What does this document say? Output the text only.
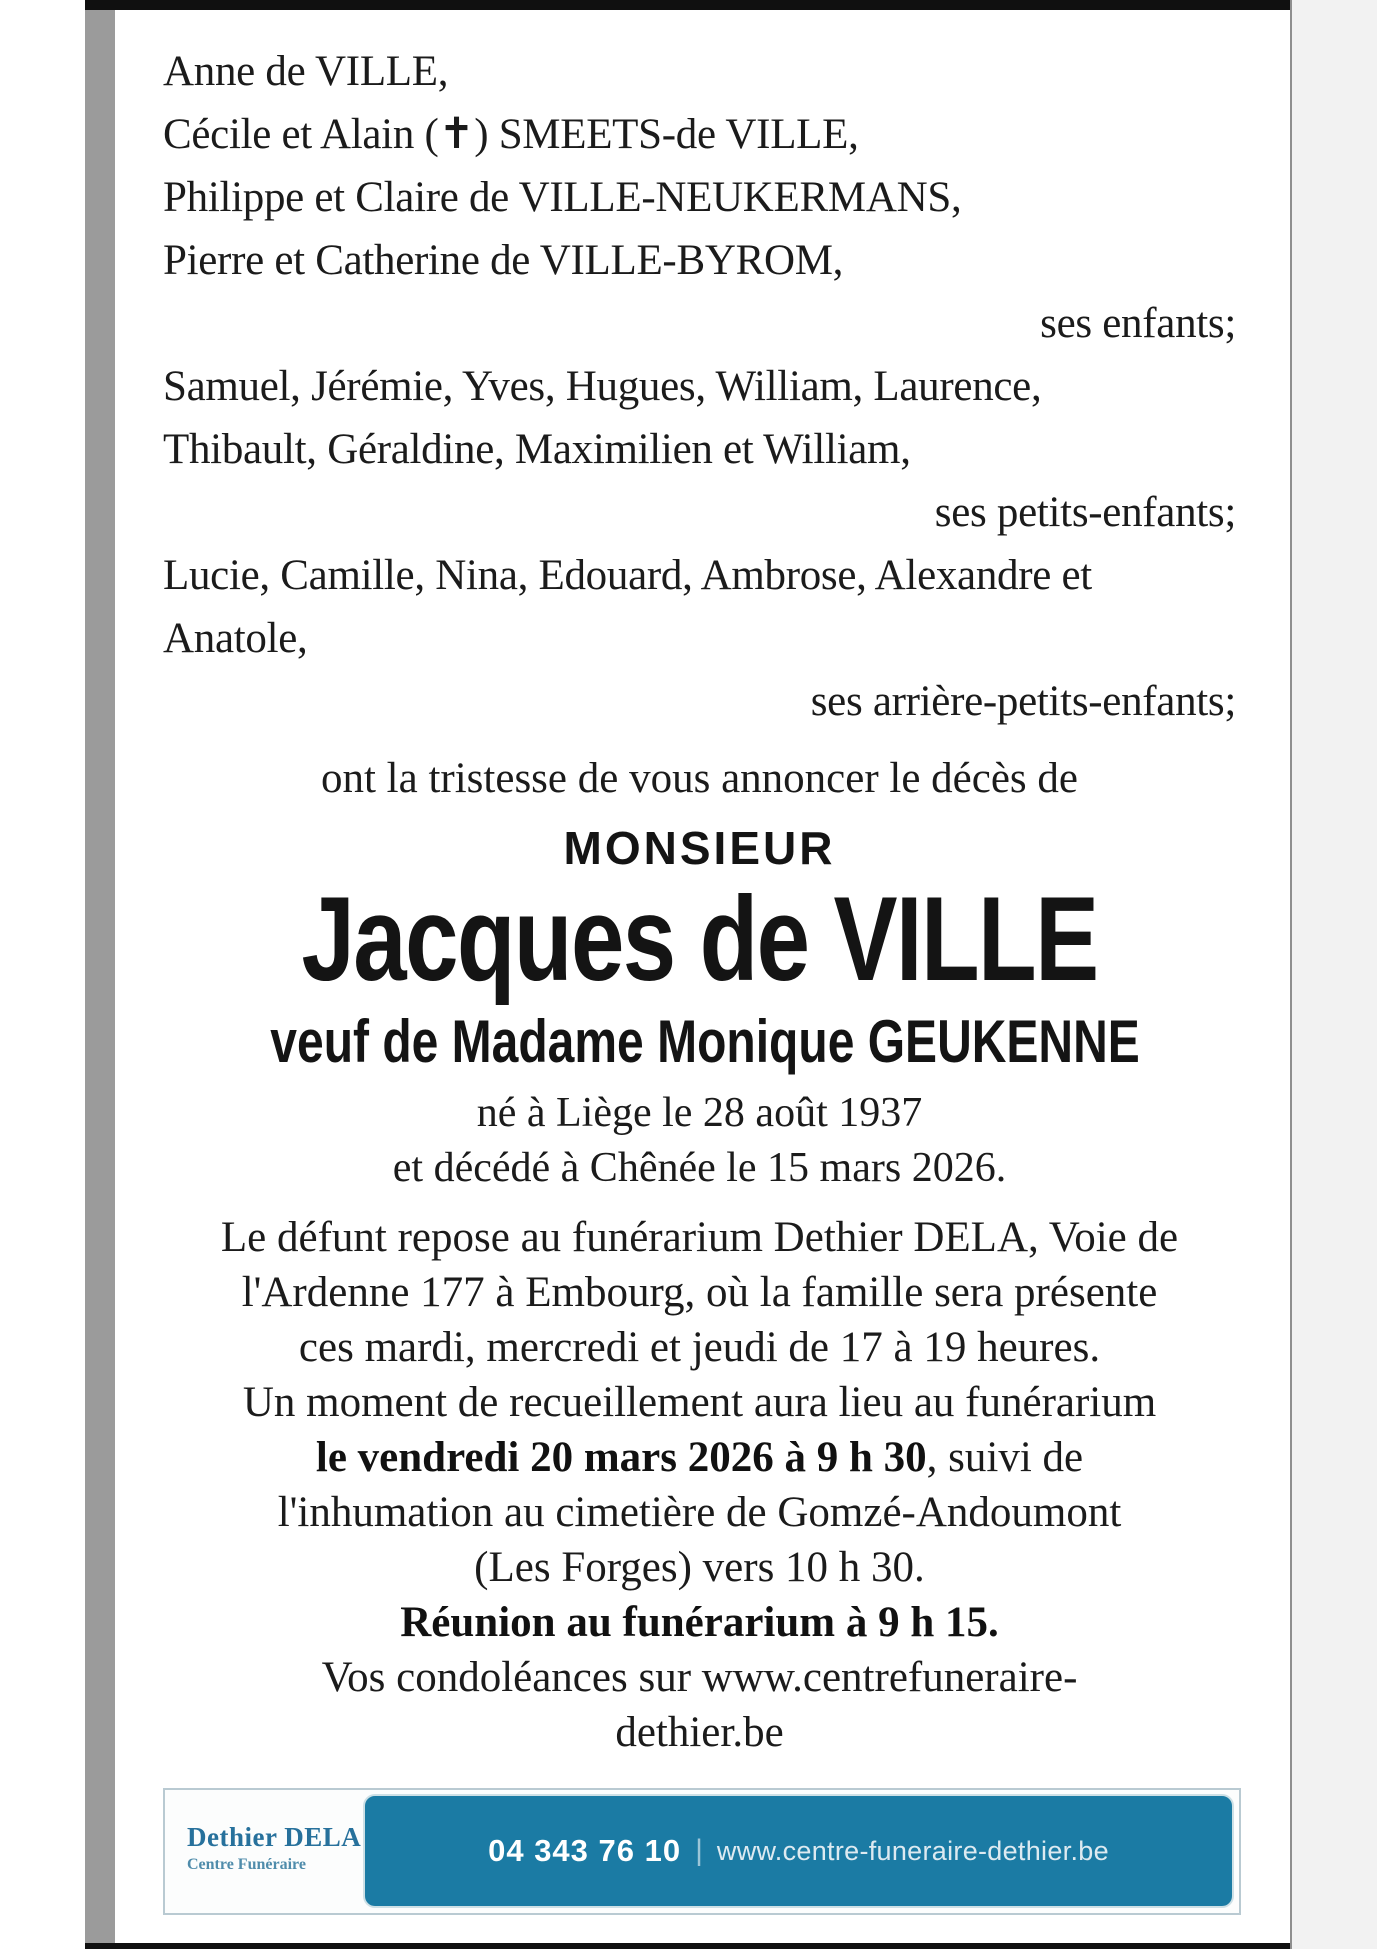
Anne de VILLE,
Cécile et Alain (✝) SMEETS-de VILLE,
Philippe et Claire de VILLE-NEUKERMANS,
Pierre et Catherine de VILLE-BYROM,
ses enfants;
Samuel, Jérémie, Yves, Hugues, William, Laurence,
Thibault, Géraldine, Maximilien et William,
ses petits-enfants;
Lucie, Camille, Nina, Edouard, Ambrose, Alexandre et
Anatole,
ses arrière-petits-enfants;
ont la tristesse de vous annoncer le décès de
MONSIEUR
Jacques de VILLE
veuf de Madame Monique GEUKENNE
né à Liège le 28 août 1937
et décédé à Chênée le 15 mars 2026.
Le défunt repose au funérarium Dethier DELA, Voie de
l'Ardenne 177 à Embourg, où la famille sera présente
ces mardi, mercredi et jeudi de 17 à 19 heures.
Un moment de recueillement aura lieu au funérarium
le vendredi 20 mars 2026 à 9 h 30, suivi de
l'inhumation au cimetière de Gomzé-Andoumont
(Les Forges) vers 10 h 30.
Réunion au funérarium à 9 h 15.
Vos condoléances sur www.centrefuneraire-
dethier.be
Dethier DELA
Centre Funéraire	04 343 76 10 | www.centre-funeraire-dethier.be
